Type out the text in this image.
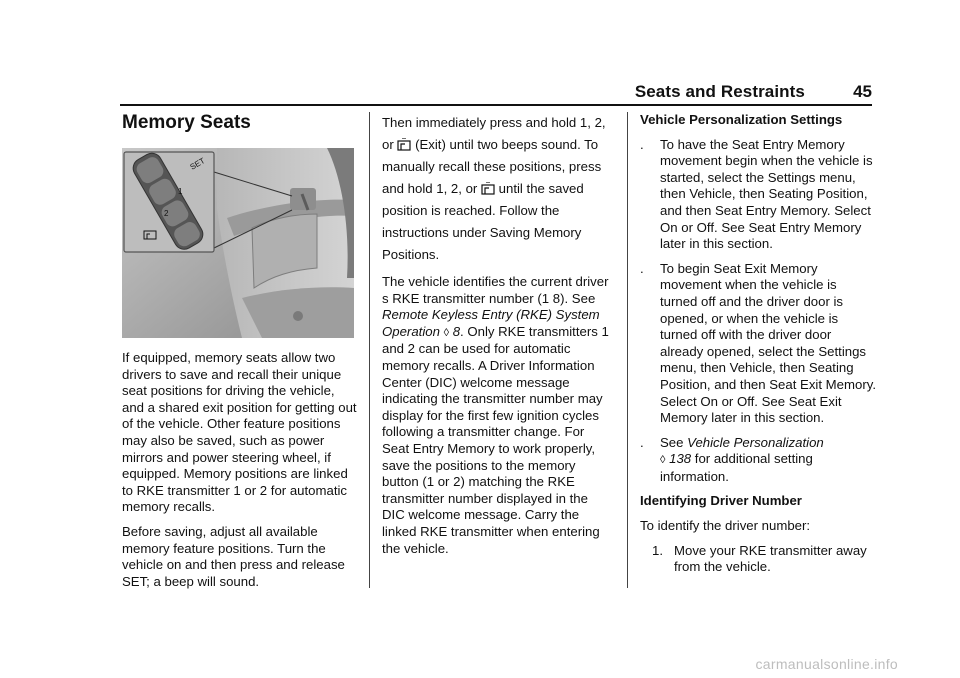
Seats and Restraints	45
Memory Seats
SET
1
2

If equipped, memory seats allow two drivers to save and recall their unique seat positions for driving the vehicle, and a shared exit position for getting out of the vehicle. Other feature positions may also be saved, such as power mirrors and power steering wheel, if equipped. Memory positions are linked to RKE transmitter 1 or 2 for automatic memory recalls.

Before saving, adjust all available memory feature positions. Turn the vehicle on and then press and release SET; a beep will sound.

Then immediately press and hold 1, 2, or (Exit) until two beeps sound. To manually recall these positions, press and hold 1, 2, or until the saved position is reached. Follow the instructions under Saving Memory Positions.

The vehicle identifies the current driver s RKE transmitter number (1 8). See Remote Keyless Entry (RKE) System Operation ◊ 8. Only RKE transmitters 1 and 2 can be used for automatic memory recalls. A Driver Information Center (DIC) welcome message indicating the transmitter number may display for the first few ignition cycles following a transmitter change. For Seat Entry Memory to work properly, save the positions to the memory button (1 or 2) matching the RKE transmitter number displayed in the DIC welcome message. Carry the linked RKE transmitter when entering the vehicle.

Vehicle Personalization Settings
. To have the Seat Entry Memory movement begin when the vehicle is started, select the Settings menu, then Vehicle, then Seating Position, and then Seat Entry Memory. Select On or Off. See Seat Entry Memory later in this section.
. To begin Seat Exit Memory movement when the vehicle is turned off and the driver door is opened, or when the vehicle is turned off with the driver door already opened, select the Settings menu, then Vehicle, then Seating Position, and then Seat Exit Memory. Select On or Off. See Seat Exit Memory later in this section.
. See Vehicle Personalization
◊ 138 for additional setting information.
Identifying Driver Number

To identify the driver number:

1. Move your RKE transmitter away from the vehicle.
carmanualsonline.info
